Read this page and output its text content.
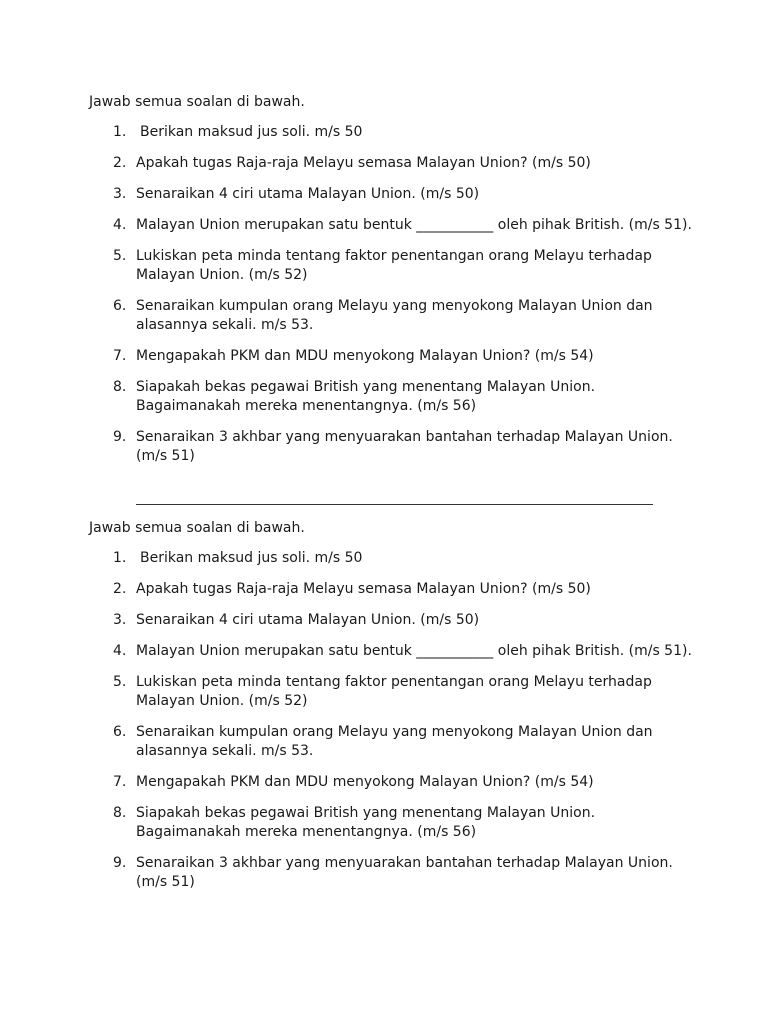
Jawab semua soalan di bawah.
1. Berikan maksud jus soli. m/s 50
2. Apakah tugas Raja-raja Melayu semasa Malayan Union? (m/s 50)
3. Senaraikan 4 ciri utama Malayan Union. (m/s 50)
4. Malayan Union merupakan satu bentuk ___________ oleh pihak British. (m/s 51).
5. Lukiskan peta minda tentang faktor penentangan orang Melayu terhadap
Malayan Union. (m/s 52)
6. Senaraikan kumpulan orang Melayu yang menyokong Malayan Union dan
alasannya sekali. m/s 53.
7. Mengapakah PKM dan MDU menyokong Malayan Union? (m/s 54)
8. Siapakah bekas pegawai British yang menentang Malayan Union.
Bagaimanakah mereka menentangnya. (m/s 56)
9. Senaraikan 3 akhbar yang menyuarakan bantahan terhadap Malayan Union.
(m/s 51)
Jawab semua soalan di bawah.
1. Berikan maksud jus soli. m/s 50
2. Apakah tugas Raja-raja Melayu semasa Malayan Union? (m/s 50)
3. Senaraikan 4 ciri utama Malayan Union. (m/s 50)
4. Malayan Union merupakan satu bentuk ___________ oleh pihak British. (m/s 51).
5. Lukiskan peta minda tentang faktor penentangan orang Melayu terhadap
Malayan Union. (m/s 52)
6. Senaraikan kumpulan orang Melayu yang menyokong Malayan Union dan
alasannya sekali. m/s 53.
7. Mengapakah PKM dan MDU menyokong Malayan Union? (m/s 54)
8. Siapakah bekas pegawai British yang menentang Malayan Union.
Bagaimanakah mereka menentangnya. (m/s 56)
9. Senaraikan 3 akhbar yang menyuarakan bantahan terhadap Malayan Union.
(m/s 51)
